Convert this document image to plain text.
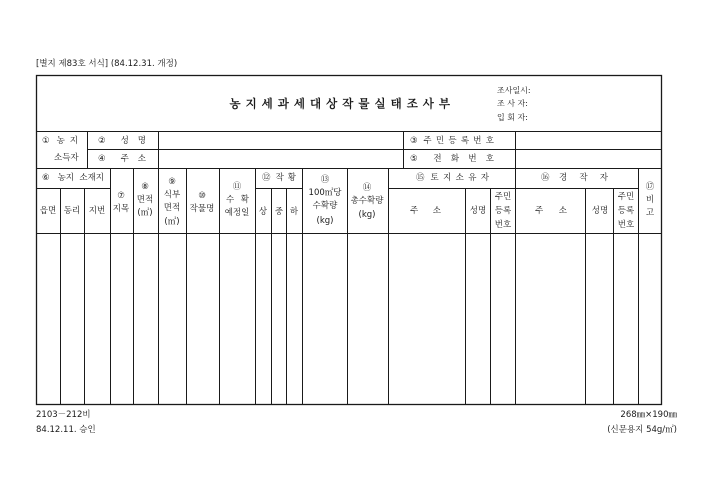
[별지 제83호 서식] (84.12.31. 개정)
농 지 세 과 세 대 상 작 물 실 태 조 사 부
조사일시:
조 사 자:
입 회 자:
① 농 지
소득자
② 성 명
④ 주 소
③ 주 민 등 록 번 호
⑤ 전 화 번 호
⑥ 농지 소재지
읍면 동리 지번
⑦
지목
⑧
면적
(㎡)
⑨
식부
면적
(㎡)
⑩
작물명
⑪
수 확
예정일
⑫ 작 황
상 중 하
⑬
100㎡당
수확량
(kg)
⑭
총수확량
(kg)
⑮ 토 지 소 유 자
주 소	성명
주민
등록
번호
⑯경 작 자
주 소	성명
주민
등록
번호
⑰
비
고
2103－212비
84.12.11. 승인
268㎜×190㎜
(신문용지 54g/㎡)
